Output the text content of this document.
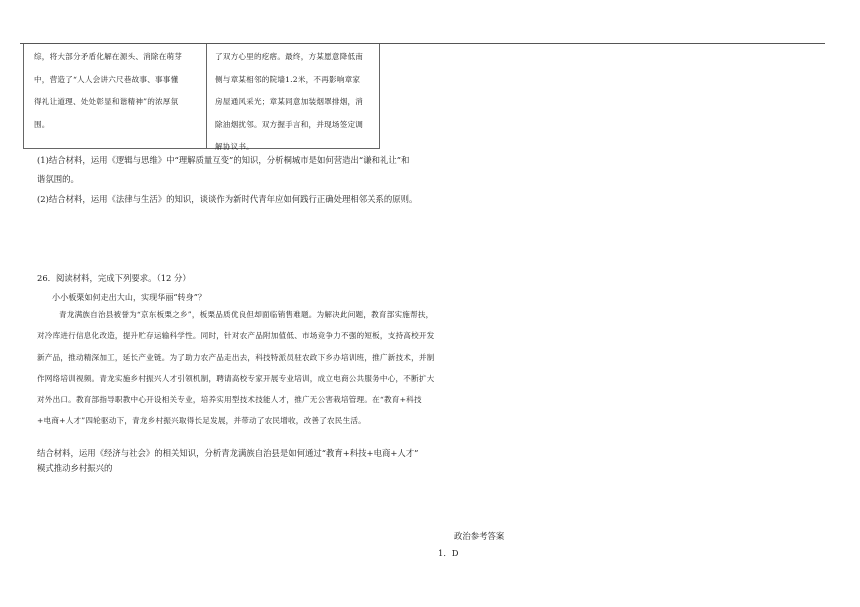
综，将大部分矛盾化解在源头、消除在萌芽
中，营造了“人人会讲六尺巷故事、事事懂
得礼让道理、处处彰显和谐精神”的浓厚氛
围。
了双方心里的疙瘩。最终，方某愿意降低南
侧与章某相邻的院墙1.2米，不再影响章家
房屋通风采光；章某同意加装烟罩排烟，消
除油烟扰邻。双方握手言和，并现场签定调
解协议书。
(1)结合材料，运用《逻辑与思维》中“理解质量互变”的知识，分析桐城市是如何营造出“谦和礼让”和
谐氛围的。
(2)结合材料，运用《法律与生活》的知识，谈谈作为新时代青年应如何践行正确处理相邻关系的原则。
26．阅读材料，完成下列要求。（12 分）
小小板栗如何走出大山，实现华丽“转身”？
青龙满族自治县被誉为“京东板栗之乡”，板栗品质优良但却面临销售难题。为解决此问题，教育部实施帮扶，对冷库进行信息化改造，提升贮存运输科学性。同时，针对农产品附加值低、市场竞争力不强的短板，支持高校开发新产品，推动精深加工，延长产业链。为了助力农产品走出去，科技特派员驻农政下乡办培训班，推广新技术，并制作网络培训视频。青龙实施乡村振兴人才引领机制，聘请高校专家开展专业培训，成立电商公共服务中心，不断扩大对外出口。教育部指导职教中心开设相关专业，培养实用型技术技能人才，推广无公害栽培管理。在“教育+科技+电商+人才”四轮驱动下，青龙乡村振兴取得长足发展，并带动了农民增收，改善了农民生活。
结合材料，运用《经济与社会》的相关知识，分析青龙满族自治县是如何通过“教育+科技+电商+人才”
模式推动乡村振兴的
政治参考答案
1．D
